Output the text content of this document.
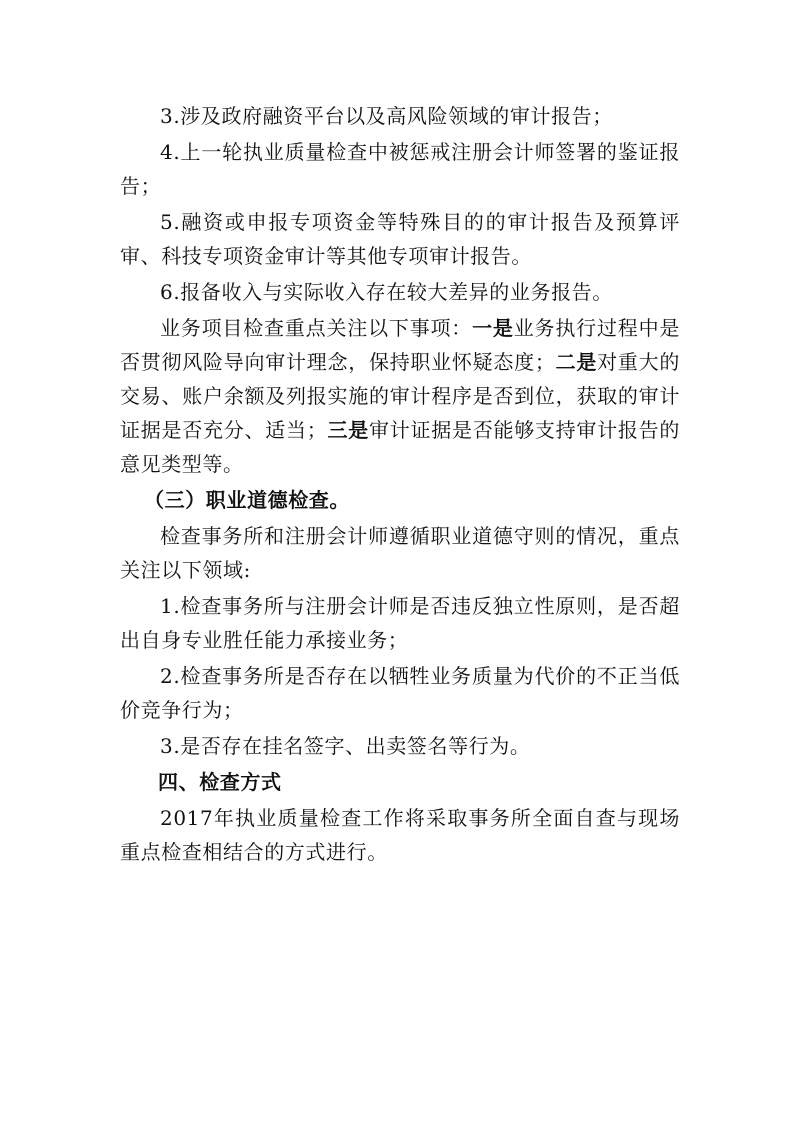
3.涉及政府融资平台以及高风险领域的审计报告；

4.上一轮执业质量检查中被惩戒注册会计师签署的鉴证报告；

5.融资或申报专项资金等特殊目的的审计报告及预算评审、科技专项资金审计等其他专项审计报告。

6.报备收入与实际收入存在较大差异的业务报告。

业务项目检查重点关注以下事项：一是业务执行过程中是否贯彻风险导向审计理念，保持职业怀疑态度；二是对重大的交易、账户余额及列报实施的审计程序是否到位，获取的审计证据是否充分、适当；三是审计证据是否能够支持审计报告的意见类型等。

（三）职业道德检查。

检查事务所和注册会计师遵循职业道德守则的情况，重点关注以下领域:

1.检查事务所与注册会计师是否违反独立性原则，是否超出自身专业胜任能力承接业务；

2.检查事务所是否存在以牺牲业务质量为代价的不正当低价竞争行为；

3.是否存在挂名签字、出卖签名等行为。

四、检查方式

2017年执业质量检查工作将采取事务所全面自查与现场重点检查相结合的方式进行。
